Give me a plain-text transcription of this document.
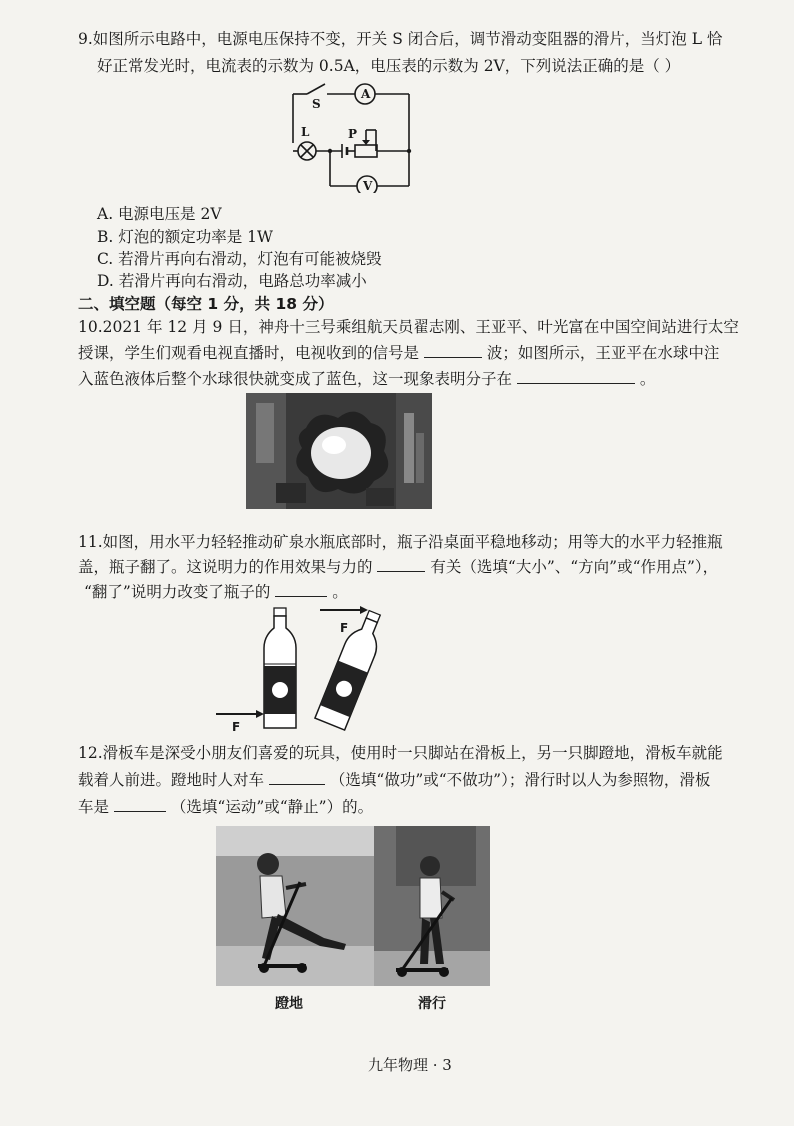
9.如图所示电路中，电源电压保持不变，开关 S 闭合后，调节滑动变阻器的滑片，当灯泡 L 恰
好正常发光时，电流表的示数为 0.5A，电压表的示数为 2V，下列说法正确的是（ ）
S
A
L	P
V
A. 电源电压是 2V
B. 灯泡的额定功率是 1W
C. 若滑片再向右滑动，灯泡有可能被烧毁
D. 若滑片再向右滑动，电路总功率减小
二、填空题（每空 1 分，共 18 分）
10.2021 年 12 月 9 日，神舟十三号乘组航天员翟志刚、王亚平、叶光富在中国空间站进行太空
授课，学生们观看电视直播时，电视收到的信号是	波；如图所示，王亚平在水球中注
入蓝色液体后整个水球很快就变成了蓝色，这一现象表明分子在	。
11.如图，用水平力轻轻推动矿泉水瓶底部时，瓶子沿桌面平稳地移动；用等大的水平力轻推瓶
盖，瓶子翻了。这说明力的作用效果与力的	有关（选填“大小”、“方向”或“作用点”），
“翻了”说明力改变了瓶子的	。
F
F
12.滑板车是深受小朋友们喜爱的玩具，使用时一只脚站在滑板上，另一只脚蹬地，滑板车就能
载着人前进。蹬地时人对车	（选填“做功”或“不做功”）；滑行时以人为参照物，滑板
车是	（选填“运动”或“静止”）的。
蹬地	滑行
九年物理 · 3
